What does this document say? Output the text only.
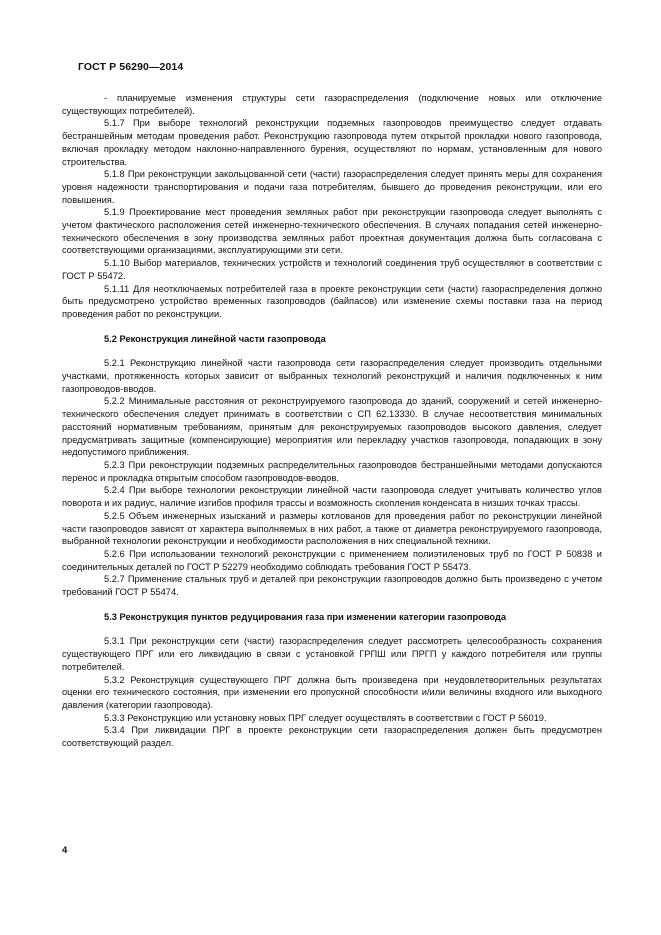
ГОСТ Р 56290—2014

- планируемые изменения структуры сети газораспределения (подключение новых или отключение существующих потребителей).

5.1.7 При выборе технологий реконструкции подземных газопроводов преимущество следует отдавать бестраншейным методам проведения работ. Реконструкцию газопровода путем открытой прокладки нового газопровода, включая прокладку методом наклонно-направленного бурения, осуществляют по нормам, установленным для нового строительства.

5.1.8 При реконструкции закольцованной сети (части) газораспределения следует принять меры для сохранения уровня надежности транспортирования и подачи газа потребителям, бывшего до проведения реконструкции, или его повышения.

5.1.9 Проектирование мест проведения земляных работ при реконструкции газопровода следует выполнять с учетом фактического расположения сетей инженерно-технического обеспечения. В случаях попадания сетей инженерно-технического обеспечения в зону производства земляных работ проектная документация должна быть согласована с соответствующими организациями, эксплуатирующими эти сети.

5.1.10 Выбор материалов, технических устройств и технологий соединения труб осуществляют в соответствии с ГОСТ Р 55472.

5.1.11 Для неотключаемых потребителей газа в проекте реконструкции сети (части) газораспределения должно быть предусмотрено устройство временных газопроводов (байпасов) или изменение схемы поставки газа на период проведения работ по реконструкции.

5.2 Реконструкция линейной части газопровода

5.2.1 Реконструкцию линейной части газопровода сети газораспределения следует производить отдельными участками, протяженность которых зависит от выбранных технологий реконструкций и наличия подключенных к ним газопроводов-вводов.

5.2.2 Минимальные расстояния от реконструируемого газопровода до зданий, сооружений и сетей инженерно-технического обеспечения следует принимать в соответствии с СП 62.13330. В случае несоответствия минимальных расстояний нормативным требованиям, принятым для реконструируемых газопроводов высокого давления, следует предусматривать защитные (компенсирующие) мероприятия или перекладку участков газопровода, попадающих в зону недопустимого приближения.

5.2.3 При реконструкции подземных распределительных газопроводов бестраншейными методами допускаются перенос и прокладка открытым способом газопроводов-вводов.

5.2.4 При выборе технологии реконструкции линейной части газопровода следует учитывать количество углов поворота и их радиус, наличие изгибов профиля трассы и возможность скопления конденсата в низших точках трассы.

5.2.5 Объем инженерных изысканий и размеры котлованов для проведения работ по реконструкции линейной части газопроводов зависят от характера выполняемых в них работ, а также от диаметра реконструируемого газопровода, выбранной технологии реконструкции и необходимости расположения в них специальной техники.

5.2.6 При использовании технологий реконструкции с применением полиэтиленовых труб по ГОСТ Р 50838 и соединительных деталей по ГОСТ Р 52279 необходимо соблюдать требования ГОСТ Р 55473.

5.2.7 Применение стальных труб и деталей при реконструкции газопроводов должно быть произведено с учетом требований ГОСТ Р 55474.

5.3 Реконструкция пунктов редуцирования газа при изменении категории газопровода

5.3.1 При реконструкции сети (части) газораспределения следует рассмотреть целесообразность сохранения существующего ПРГ или его ликвидацию в связи с установкой ГРПШ или ПРГП у каждого потребителя или группы потребителей.

5.3.2 Реконструкция существующего ПРГ должна быть произведена при неудовлетворительных результатах оценки его технического состояния, при изменении его пропускной способности и/или величины входного или выходного давления (категории газопровода).

5.3.3 Реконструкцию или установку новых ПРГ следует осуществлять в соответствии с ГОСТ Р 56019.

5.3.4 При ликвидации ПРГ в проекте реконструкции сети газораспределения должен быть предусмотрен соответствующий раздел.

4
